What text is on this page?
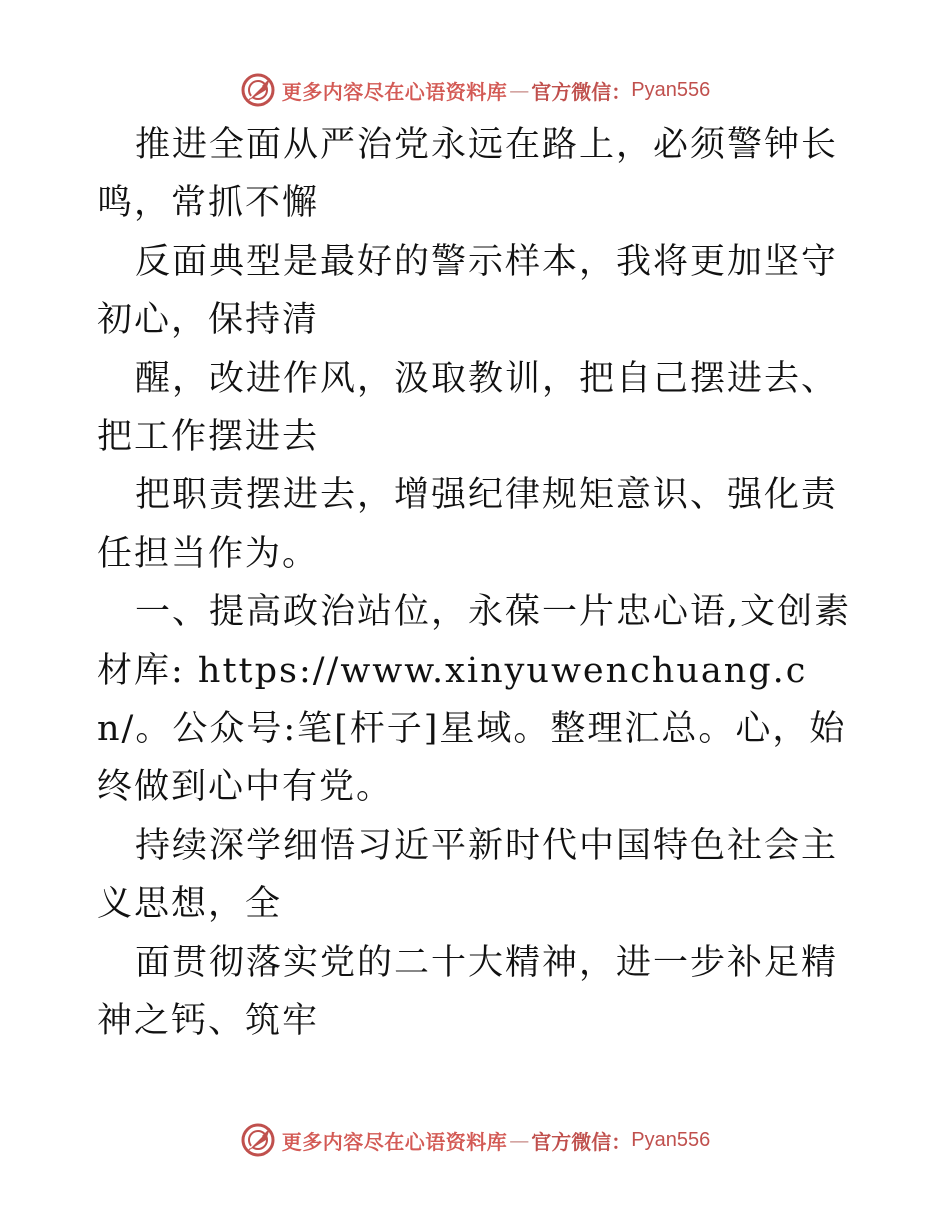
更多内容尽在心语资料库 — 官方微信： Pyan556

推进全面从严治党永远在路上，必须警钟长鸣，常抓不懈

反面典型是最好的警示样本，我将更加坚守初心，保持清

醒，改进作风，汲取教训，把自己摆进去、把工作摆进去

把职责摆进去，增强纪律规矩意识、强化责任担当作为。

一、提高政治站位，永葆一片忠心语,文创素材库: https://www.xinyuwenchuang.cn/。公众号:笔[杆子]星域。整理汇总。心，始终做到心中有党。

持续深学细悟习近平新时代中国特色社会主义思想，全

面贯彻落实党的二十大精神，进一步补足精神之钙、筑牢

更多内容尽在心语资料库 — 官方微信： Pyan556
